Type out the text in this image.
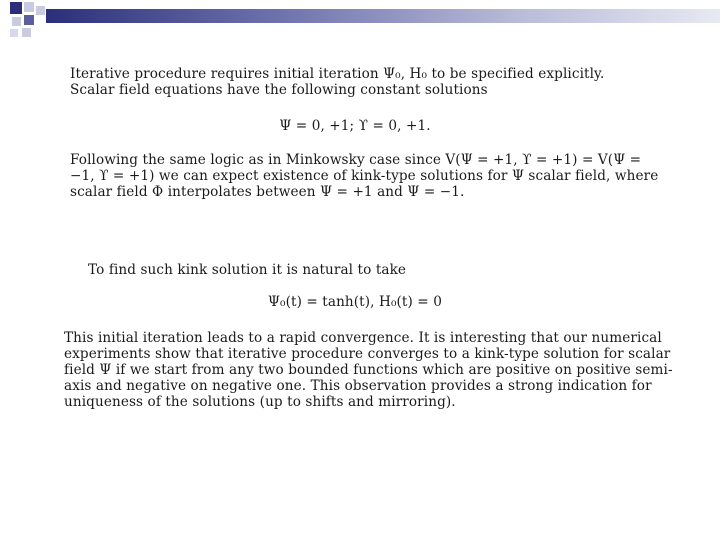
Iterative procedure requires initial iteration Ψ₀, H₀ to be specified explicitly.
Scalar field equations have the following constant solutions
Ψ = 0, +1; ϒ = 0, +1.
Following the same logic as in Minkowsky case since V(Ψ = +1, ϒ = +1) = V(Ψ =
−1, ϒ = +1) we can expect existence of kink-type solutions for Ψ scalar field, where
scalar field Φ interpolates between Ψ = +1 and Ψ = −1.
To find such kink solution it is natural to take
Ψ₀(t) = tanh(t), H₀(t) = 0
This initial iteration leads to a rapid convergence. It is interesting that our numerical
experiments show that iterative procedure converges to a kink-type solution for scalar
field Ψ if we start from any two bounded functions which are positive on positive semi-
axis and negative on negative one. This observation provides a strong indication for
uniqueness of the solutions (up to shifts and mirroring).
